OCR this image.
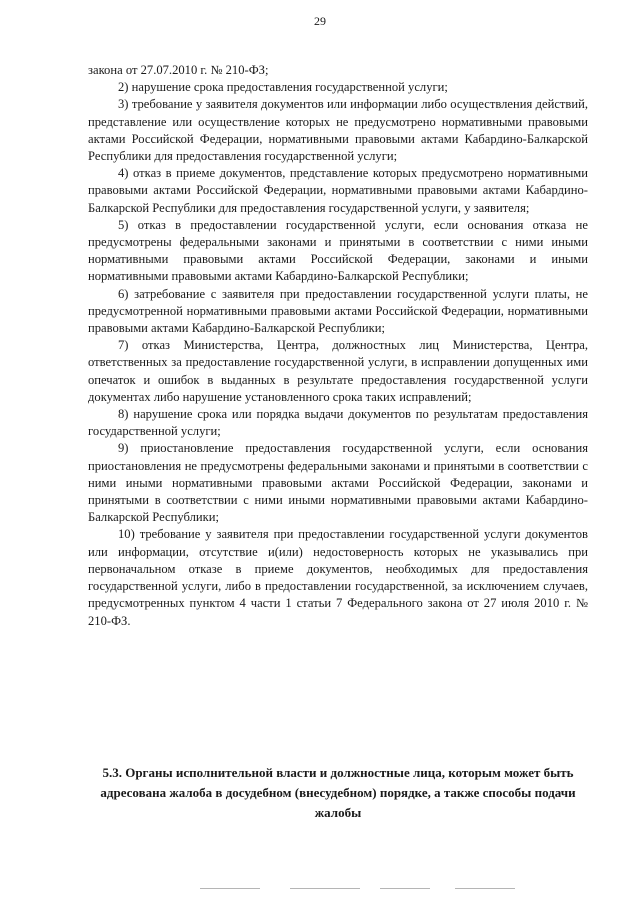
29

закона от 27.07.2010 г. № 210-ФЗ;

2) нарушение срока предоставления государственной услуги;

3) требование у заявителя документов или информации либо осуществления действий, представление или осуществление которых не предусмотрено нормативными правовыми актами Российской Федерации, нормативными правовыми актами Кабардино-Балкарской Республики для предоставления государственной услуги;

4) отказ в приеме документов, представление которых предусмотрено нормативными правовыми актами Российской Федерации, нормативными правовыми актами Кабардино-Балкарской Республики для предоставления государственной услуги, у заявителя;

5) отказ в предоставлении государственной услуги, если основания отказа не предусмотрены федеральными законами и принятыми в соответствии с ними иными нормативными правовыми актами Российской Федерации, законами и иными нормативными правовыми актами Кабардино-Балкарской Республики;

6) затребование с заявителя при предоставлении государственной услуги платы, не предусмотренной нормативными правовыми актами Российской Федерации, нормативными правовыми актами Кабардино-Балкарской Республики;

7) отказ Министерства, Центра, должностных лиц Министерства, Центра, ответственных за предоставление государственной услуги, в исправлении допущенных ими опечаток и ошибок в выданных в результате предоставления государственной услуги документах либо нарушение установленного срока таких исправлений;

8) нарушение срока или порядка выдачи документов по результатам предоставления государственной услуги;

9) приостановление предоставления государственной услуги, если основания приостановления не предусмотрены федеральными законами и принятыми в соответствии с ними иными нормативными правовыми актами Российской Федерации, законами и принятыми в соответствии с ними иными нормативными правовыми актами Кабардино-Балкарской Республики;

10) требование у заявителя при предоставлении государственной услуги документов или информации, отсутствие и(или) недостоверность которых не указывались при первоначальном отказе в приеме документов, необходимых для предоставления государственной услуги, либо в предоставлении государственной, за исключением случаев, предусмотренных пунктом 4 части 1 статьи 7 Федерального закона от 27 июля 2010 г. № 210-ФЗ.

5.3. Органы исполнительной власти и должностные лица, которым может быть адресована жалоба в досудебном (внесудебном) порядке, а также способы подачи жалобы
